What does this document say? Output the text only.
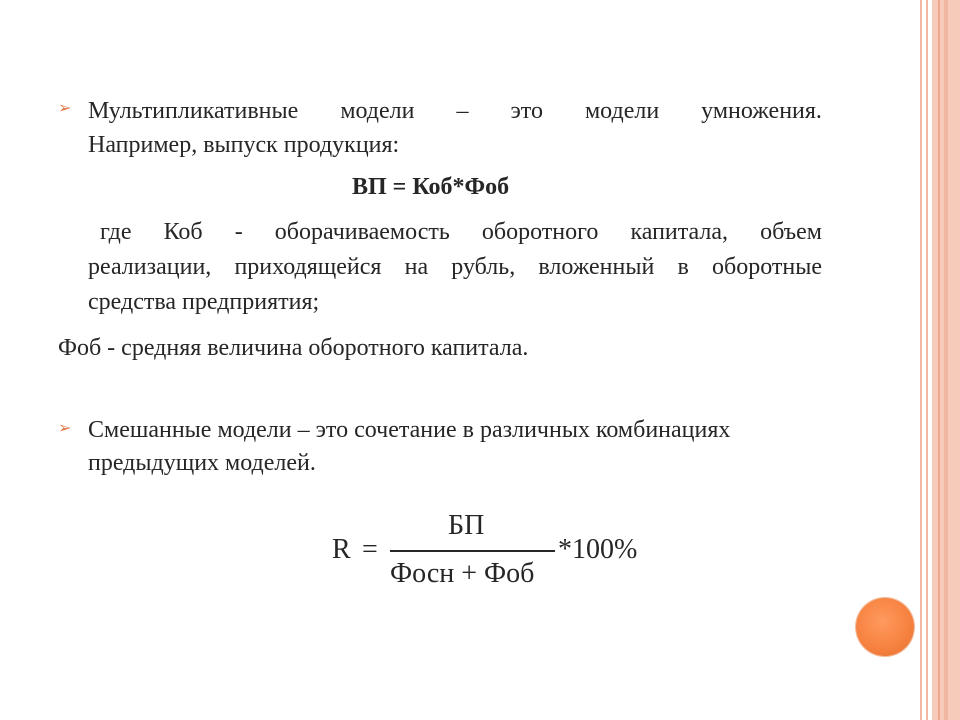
➢ Мультипликативные модели – это модели умножения.
Например, выпуск продукция:
ВП = Коб*Фоб
где Коб - оборачиваемость оборотного капитала, объем
реализации, приходящейся на рубль, вложенный в оборотные
средства предприятия;
Фоб - средняя величина оборотного капитала.
➢ Смешанные модели – это сочетание в различных комбинациях
предыдущих моделей.
R =
БП
Фосн + Фоб
*100%
